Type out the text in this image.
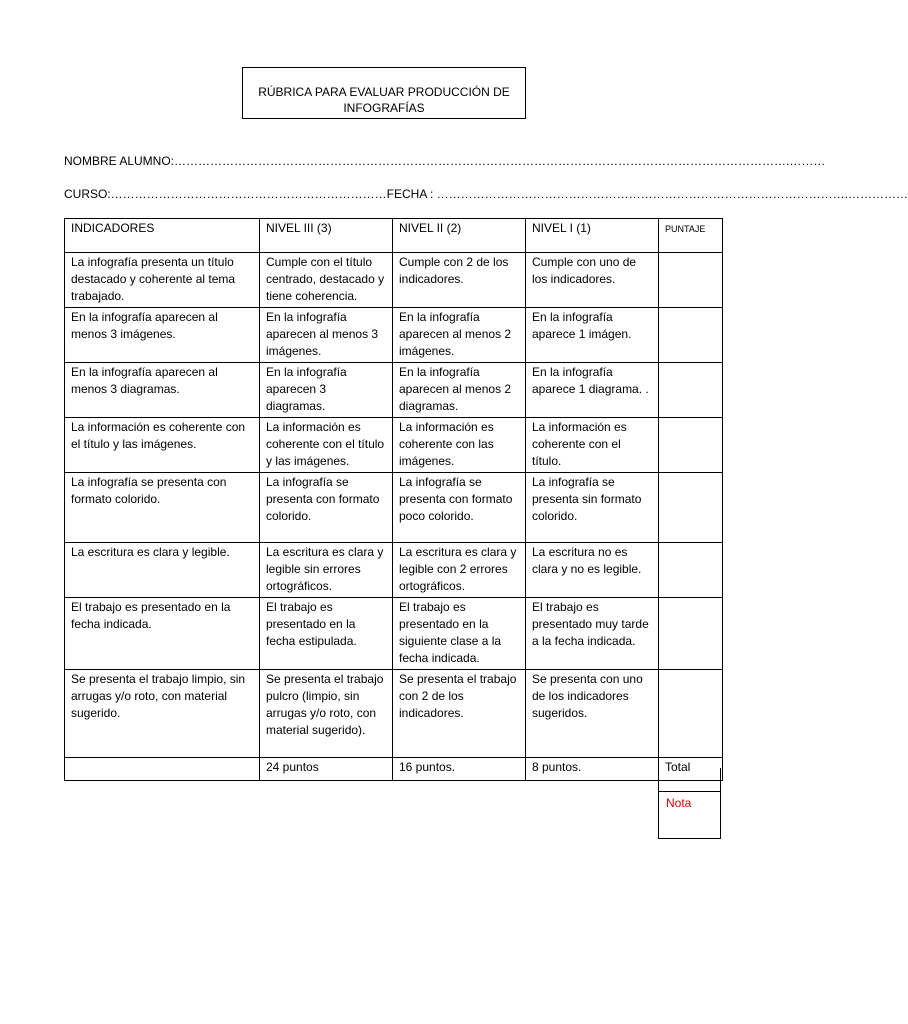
RÚBRICA PARA EVALUAR PRODUCCIÓN DE
INFOGRAFÍAS
NOMBRE ALUMNO:……………………………………………………………………………………………………………………………………….………
CURSO:……………………………………………………………FECHA : ………………………………………………………………………………………….……………
INDICADORES	NIVEL III (3)	NIVEL II (2)	NIVEL I (1)	PUNTAJE
La infografía presenta un título destacado y coherente al tema trabajado.	Cumple con el título centrado, destacado y tiene coherencia.	Cumple con 2 de los indicadores.	Cumple con uno de los indicadores.	
En la infografía aparecen al menos 3 imágenes.	En la infografía aparecen al menos 3 imágenes.	En la infografía aparecen al menos 2 imágenes.	En la infografía aparece 1 imágen.	
En la infografía aparecen al menos 3 diagramas.	En la infografía aparecen 3 diagramas.	En la infografía aparecen al menos 2 diagramas.	En la infografía aparece 1 diagrama. .	
La información es coherente con el título y las imágenes.	La información es coherente con el título y las imágenes.	La información es coherente con las imágenes.	La información es coherente con el título.	
La infografía se presenta con formato colorido.	La infografía se presenta con formato colorido.	La infografía se presenta con formato poco colorido.	La infografía se presenta sin formato colorido.	
La escritura es clara y legible.	La escritura es clara y legible sin errores ortográficos.	La escritura es clara y legible con 2 errores ortográficos.	La escritura no es clara y no es legible.	
El trabajo es presentado en la fecha indicada.	El trabajo es presentado en la fecha estipulada.	El trabajo es presentado en la siguiente clase a la fecha indicada.	El trabajo es presentado muy tarde a la fecha indicada.	
Se presenta el trabajo limpio, sin arrugas y/o roto, con material sugerido.	Se presenta el trabajo pulcro (limpio, sin arrugas y/o roto, con material sugerido).	Se presenta el trabajo con 2 de los indicadores.	Se presenta con uno de los indicadores sugeridos.	
	24 puntos	16 puntos.	8 puntos.	Total
Nota
